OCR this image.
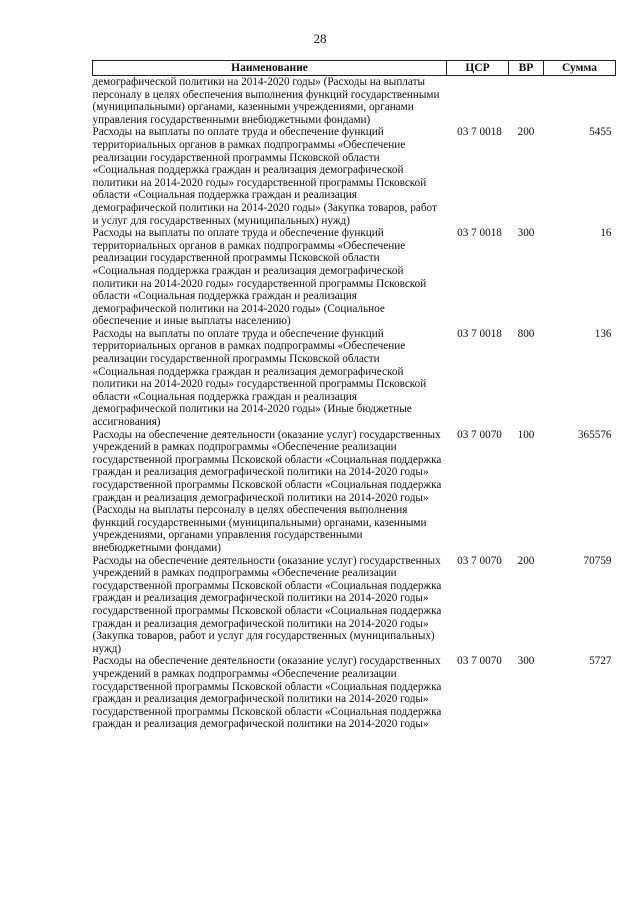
28
Наименование	ЦСР	ВР	Сумма
демографической политики на 2014-2020 годы» (Расходы на выплаты персоналу в целях обеспечения выполнения функций государственными (муниципальными) органами, казенными учреждениями, органами управления государственными внебюджетными фондами)			
Расходы на выплаты по оплате труда и обеспечение функций территориальных органов в рамках подпрограммы «Обеспечение реализации государственной программы Псковской области «Социальная поддержка граждан и реализация демографической политики на 2014-2020 годы» государственной программы Псковской области «Социальная поддержка граждан и реализация демографической политики на 2014-2020 годы» (Закупка товаров, работ и услуг для государственных (муниципальных) нужд)	03 7 0018	200	5455
Расходы на выплаты по оплате труда и обеспечение функций территориальных органов в рамках подпрограммы «Обеспечение реализации государственной программы Псковской области «Социальная поддержка граждан и реализация демографической политики на 2014-2020 годы» государственной программы Псковской области «Социальная поддержка граждан и реализация демографической политики на 2014-2020 годы» (Социальное обеспечение и иные выплаты населению)	03 7 0018	300	16
Расходы на выплаты по оплате труда и обеспечение функций территориальных органов в рамках подпрограммы «Обеспечение реализации государственной программы Псковской области «Социальная поддержка граждан и реализация демографической политики на 2014-2020 годы» государственной программы Псковской области «Социальная поддержка граждан и реализация демографической политики на 2014-2020 годы» (Иные бюджетные ассигнования)	03 7 0018	800	136
Расходы на обеспечение деятельности (оказание услуг) государственных учреждений в рамках подпрограммы «Обеспечение реализации государственной программы Псковской области «Социальная поддержка граждан и реализация демографической политики на 2014-2020 годы» государственной программы Псковской области «Социальная поддержка граждан и реализация демографической политики на 2014-2020 годы» (Расходы на выплаты персоналу в целях обеспечения выполнения функций государственными (муниципальными) органами, казенными учреждениями, органами управления государственными внебюджетными фондами)	03 7 0070	100	365576
Расходы на обеспечение деятельности (оказание услуг) государственных учреждений в рамках подпрограммы «Обеспечение реализации государственной программы Псковской области «Социальная поддержка граждан и реализация демографической политики на 2014-2020 годы» государственной программы Псковской области «Социальная поддержка граждан и реализация демографической политики на 2014-2020 годы» (Закупка товаров, работ и услуг для государственных (муниципальных) нужд)	03 7 0070	200	70759
Расходы на обеспечение деятельности (оказание услуг) государственных учреждений в рамках подпрограммы «Обеспечение реализации государственной программы Псковской области «Социальная поддержка граждан и реализация демографической политики на 2014-2020 годы» государственной программы Псковской области «Социальная поддержка граждан и реализация демографической политики на 2014-2020 годы»	03 7 0070	300	5727
